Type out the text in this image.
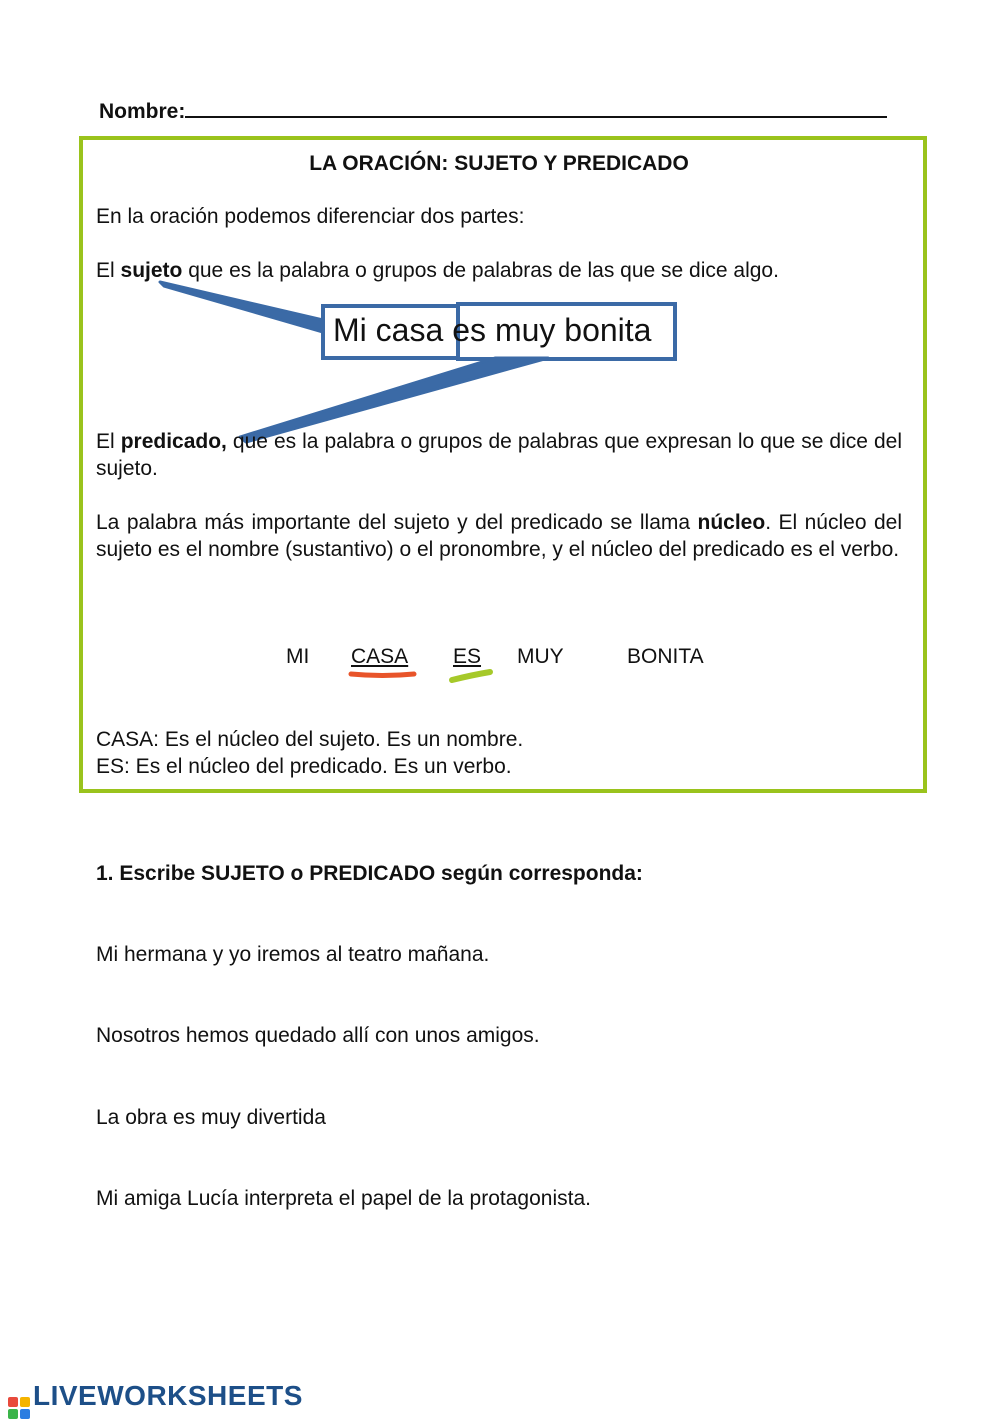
Nombre:
LA ORACIÓN: SUJETO Y PREDICADO
En la oración podemos diferenciar dos partes:
El sujeto que es la palabra o grupos de palabras de las que se dice algo.
Mi casa es muy bonita
El predicado, que es la palabra o grupos de palabras que expresan lo que se dice del sujeto.
La palabra más importante del sujeto y del predicado se llama núcleo. El núcleo del sujeto es el nombre (sustantivo) o el pronombre, y el núcleo del predicado es el verbo.
MI CASA ES MUY	BONITA
CASA: Es el núcleo del sujeto. Es un nombre.
ES: Es el núcleo del predicado. Es un verbo.
1. Escribe SUJETO o PREDICADO según corresponda:
Mi hermana y yo iremos al teatro mañana.
Nosotros hemos quedado allí con unos amigos.
La obra es muy divertida
Mi amiga Lucía interpreta el papel de la protagonista.
LIVEWORKSHEETS
